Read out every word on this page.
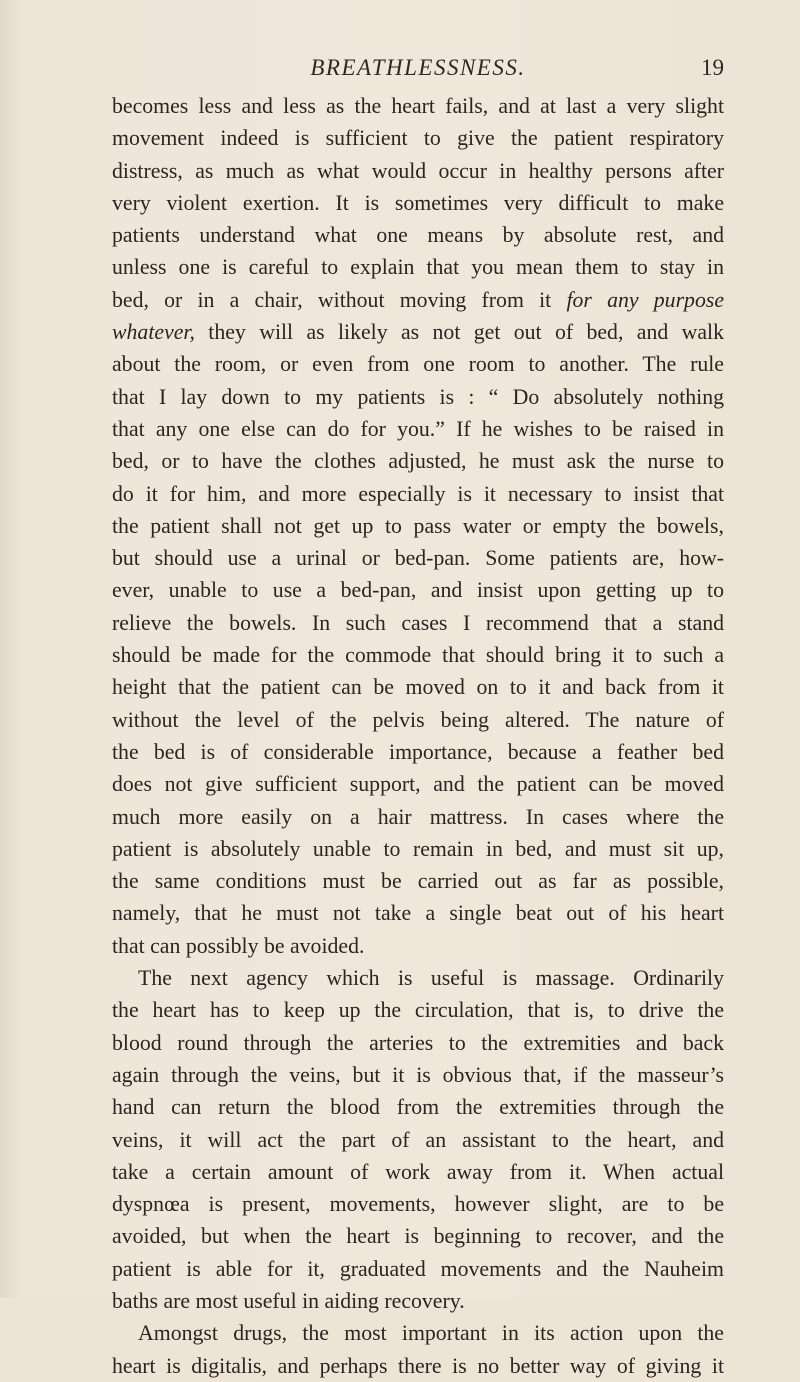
BREATHLESSNESS.	19
becomes less and less as the heart fails, and at last a very slight
movement indeed is sufficient to give the patient respiratory
distress, as much as what would occur in healthy persons after
very violent exertion. It is sometimes very difficult to make
patients understand what one means by absolute rest, and
unless one is careful to explain that you mean them to stay in
bed, or in a chair, without moving from it for any purpose
whatever, they will as likely as not get out of bed, and walk
about the room, or even from one room to another. The rule
that I lay down to my patients is : “ Do absolutely nothing
that any one else can do for you.” If he wishes to be raised in
bed, or to have the clothes adjusted, he must ask the nurse to
do it for him, and more especially is it necessary to insist that
the patient shall not get up to pass water or empty the bowels,
but should use a urinal or bed-pan. Some patients are, how-
ever, unable to use a bed-pan, and insist upon getting up to
relieve the bowels. In such cases I recommend that a stand
should be made for the commode that should bring it to such a
height that the patient can be moved on to it and back from it
without the level of the pelvis being altered. The nature of
the bed is of considerable importance, because a feather bed
does not give sufficient support, and the patient can be moved
much more easily on a hair mattress. In cases where the
patient is absolutely unable to remain in bed, and must sit up,
the same conditions must be carried out as far as possible,
namely, that he must not take a single beat out of his heart
that can possibly be avoided.
The next agency which is useful is massage. Ordinarily
the heart has to keep up the circulation, that is, to drive the
blood round through the arteries to the extremities and back
again through the veins, but it is obvious that, if the masseur’s
hand can return the blood from the extremities through the
veins, it will act the part of an assistant to the heart, and
take a certain amount of work away from it. When actual
dyspnœa is present, movements, however slight, are to be
avoided, but when the heart is beginning to recover, and the
patient is able for it, graduated movements and the Nauheim
baths are most useful in aiding recovery.
Amongst drugs, the most important in its action upon the
heart is digitalis, and perhaps there is no better way of giving it
